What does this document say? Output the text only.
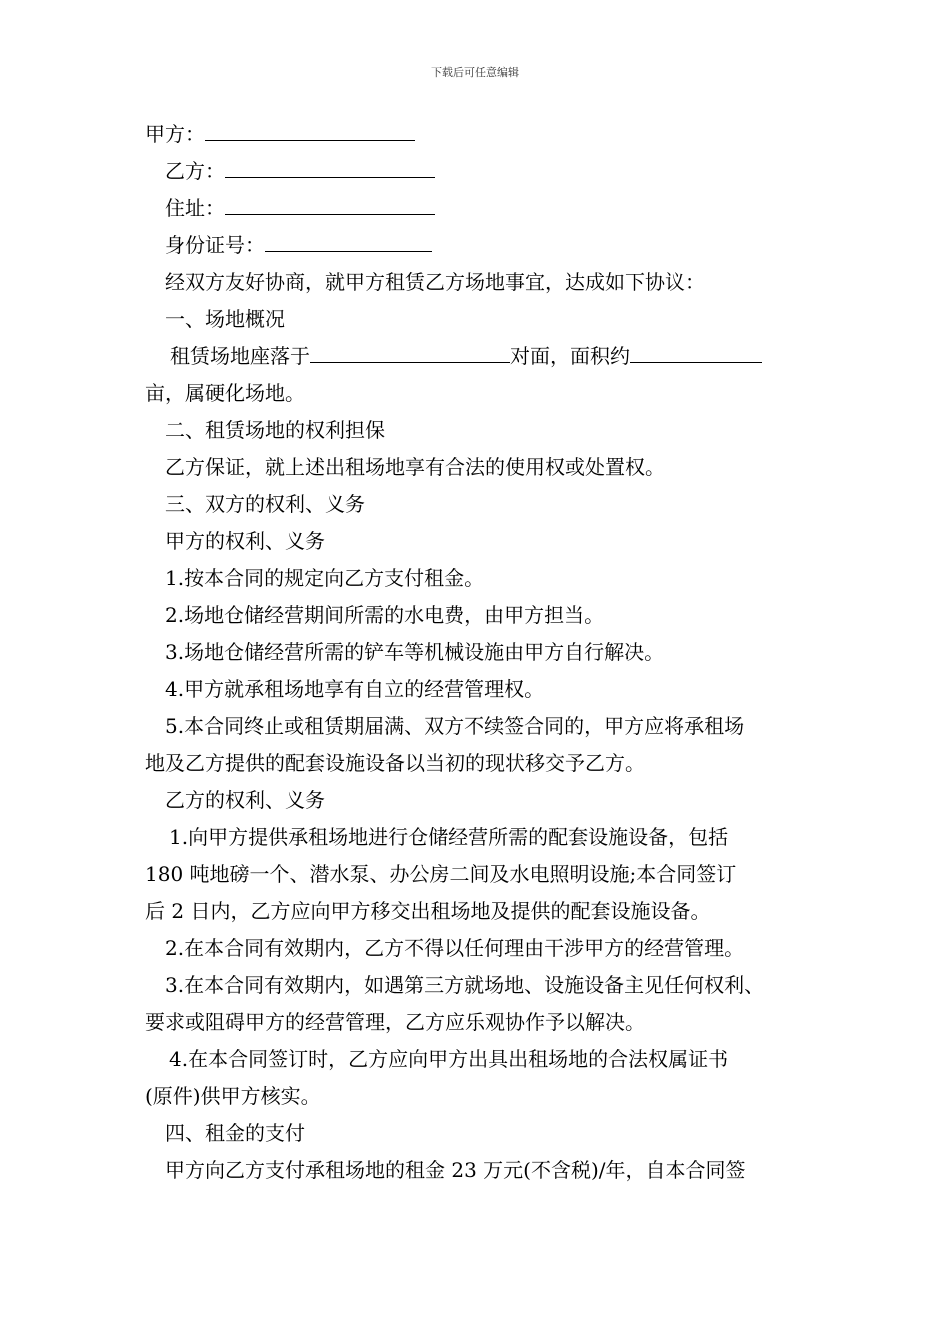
下载后可任意编辑
甲方：
乙方：
住址：
身份证号：
经双方友好协商，就甲方租赁乙方场地事宜，达成如下协议：
一、场地概况
租赁场地座落于	对面，面积约
亩，属硬化场地。
二、租赁场地的权利担保
乙方保证，就上述出租场地享有合法的使用权或处置权。
三、双方的权利、义务
甲方的权利、义务
1.按本合同的规定向乙方支付租金。
2.场地仓储经营期间所需的水电费，由甲方担当。
3.场地仓储经营所需的铲车等机械设施由甲方自行解决。
4.甲方就承租场地享有自立的经营管理权。
5.本合同终止或租赁期届满、双方不续签合同的，甲方应将承租场
地及乙方提供的配套设施设备以当初的现状移交予乙方。
乙方的权利、义务
1.向甲方提供承租场地进行仓储经营所需的配套设施设备，包括
180 吨地磅一个、潜水泵、办公房二间及水电照明设施;本合同签订
后 2 日内，乙方应向甲方移交出租场地及提供的配套设施设备。
2.在本合同有效期内，乙方不得以任何理由干涉甲方的经营管理。
3.在本合同有效期内，如遇第三方就场地、设施设备主见任何权利、
要求或阻碍甲方的经营管理，乙方应乐观协作予以解决。
4.在本合同签订时，乙方应向甲方出具出租场地的合法权属证书
(原件)供甲方核实。
四、租金的支付
甲方向乙方支付承租场地的租金 23 万元(不含税)/年，自本合同签
